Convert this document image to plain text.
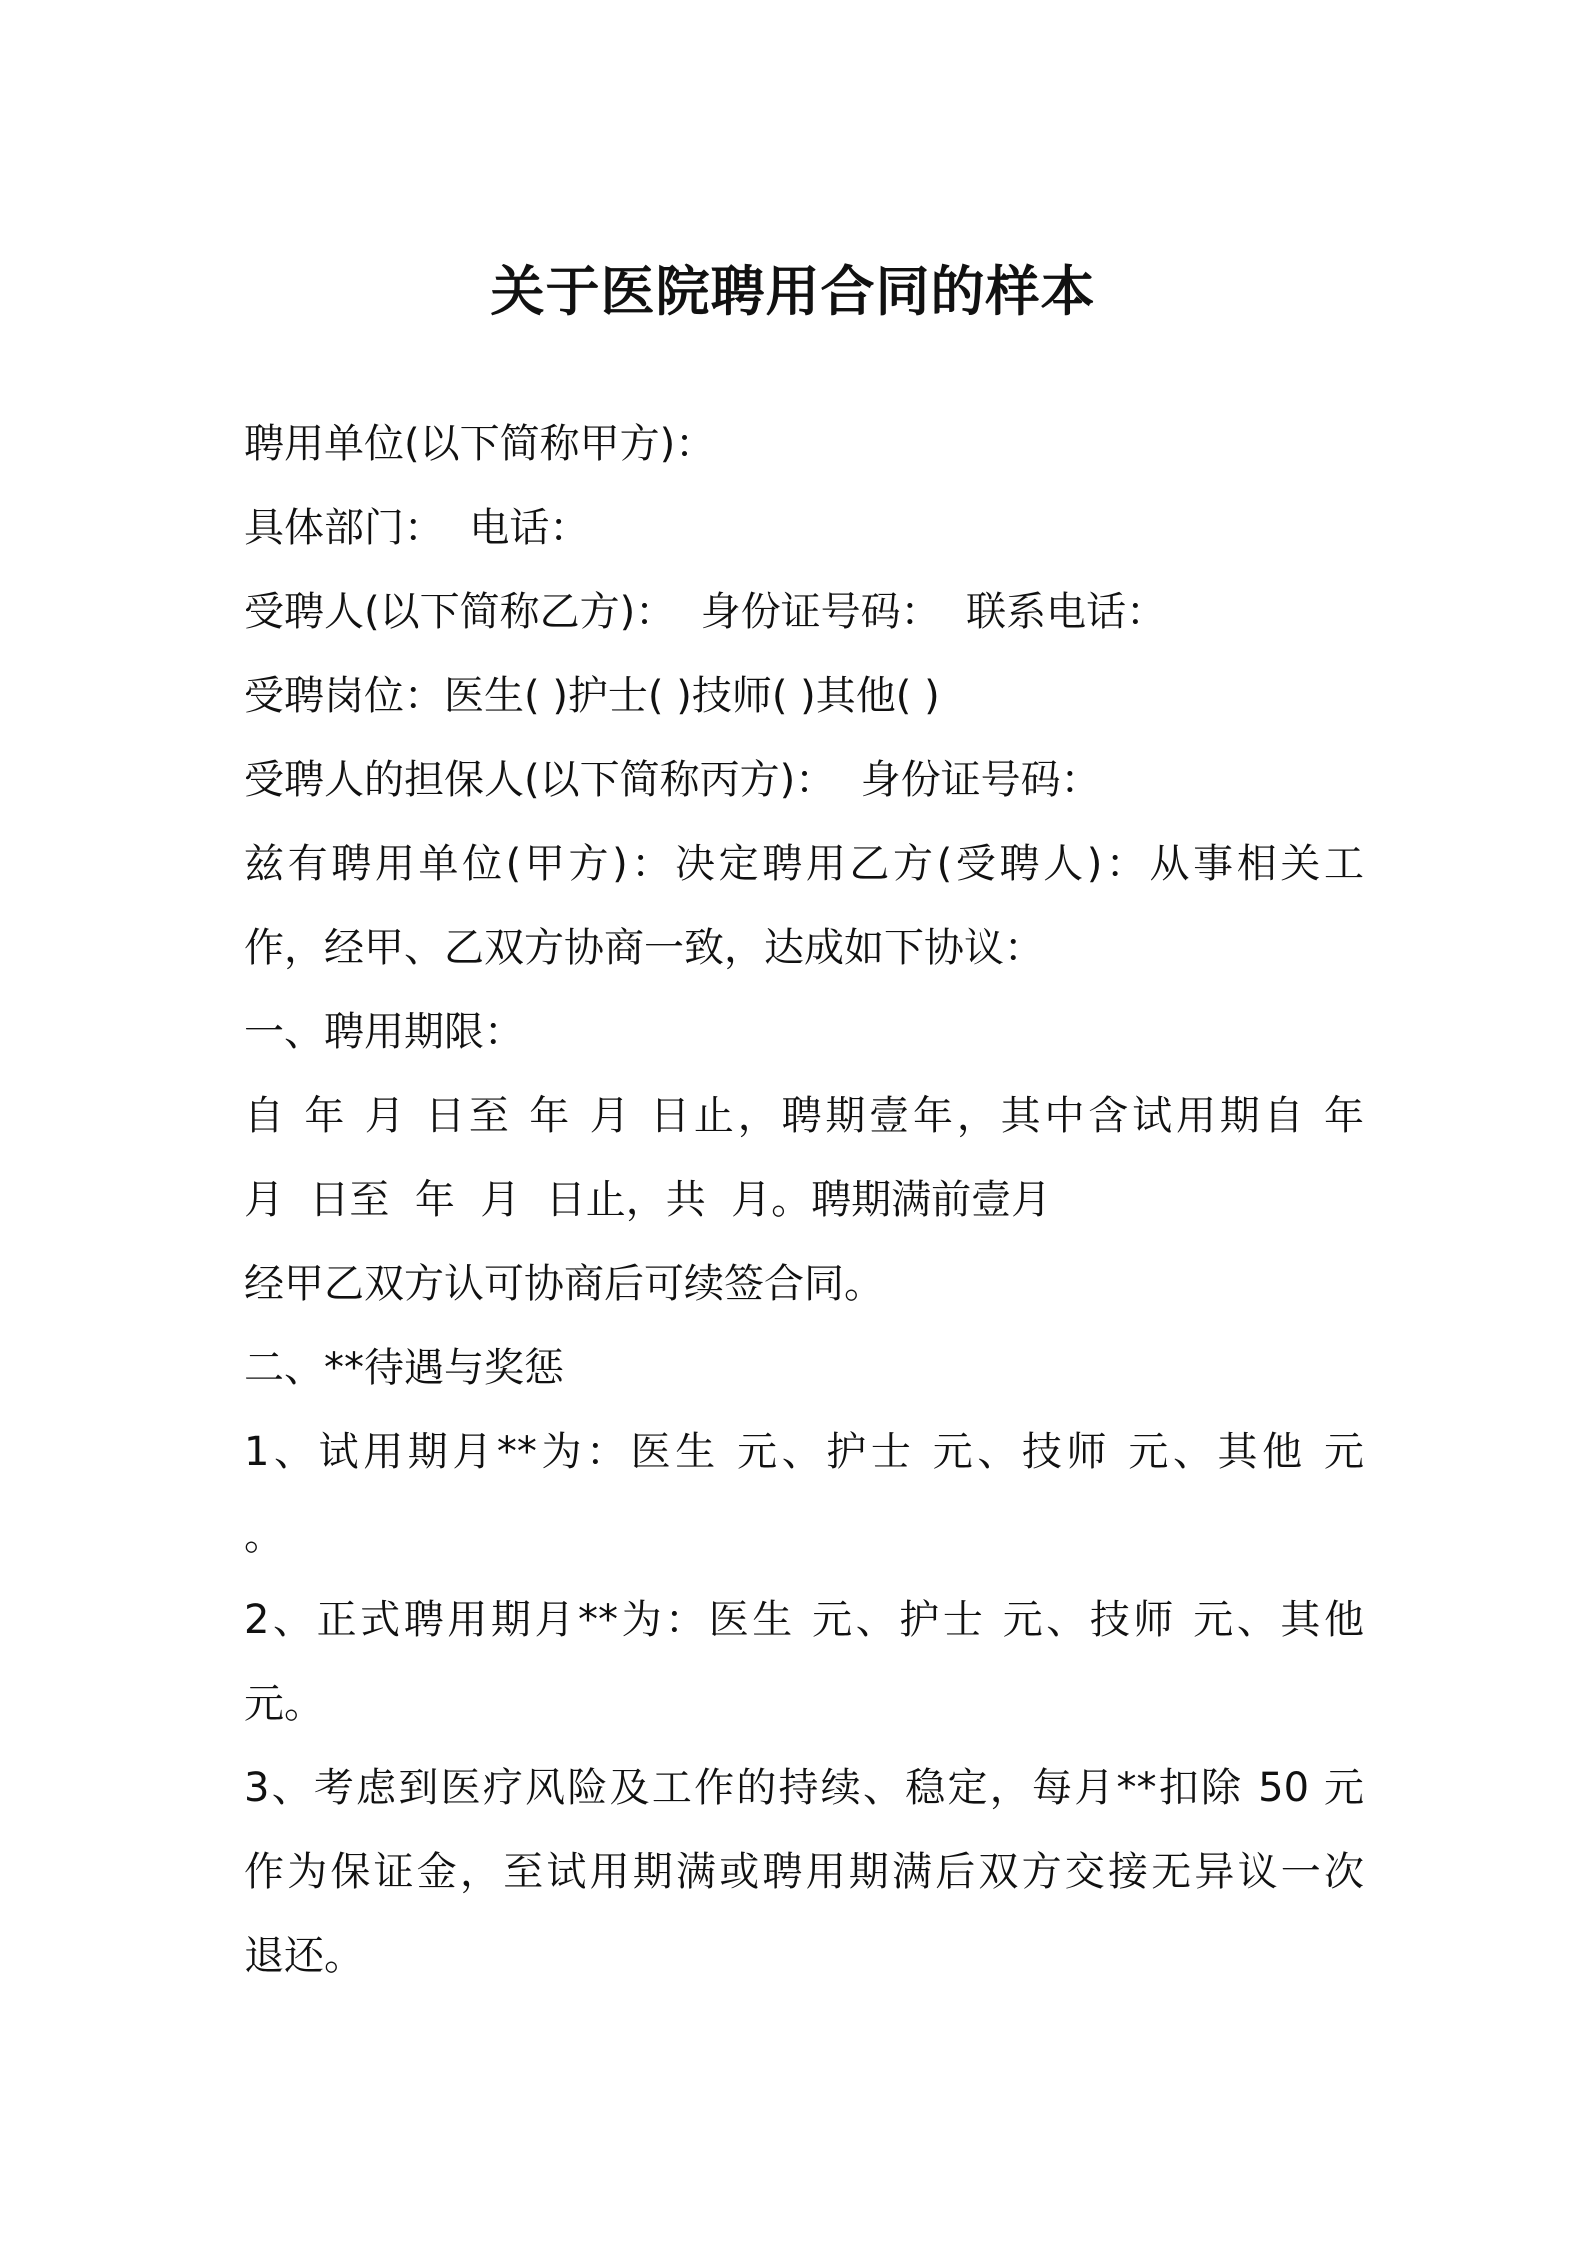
关于医院聘用合同的样本
聘用单位(以下简称甲方)：
具体部门：  电话：
受聘人(以下简称乙方)：  身份证号码：  联系电话：
受聘岗位：医生( )护士( )技师( )其他( )
受聘人的担保人(以下简称丙方)：  身份证号码：
兹有聘用单位(甲方)：决定聘用乙方(受聘人)：从事相关工
作，经甲、乙双方协商一致，达成如下协议：
一、聘用期限：
自 年 月 日至 年 月 日止，聘期壹年，其中含试用期自 年
月  日至  年  月  日止，共  月。聘期满前壹月
经甲乙双方认可协商后可续签合同。
二、**待遇与奖惩
1、试用期月**为：医生 元、护士 元、技师 元、其他 元
。
2、正式聘用期月**为：医生 元、护士 元、技师 元、其他
元。
3、考虑到医疗风险及工作的持续、稳定，每月**扣除 50 元
作为保证金，至试用期满或聘用期满后双方交接无异议一次
退还。
